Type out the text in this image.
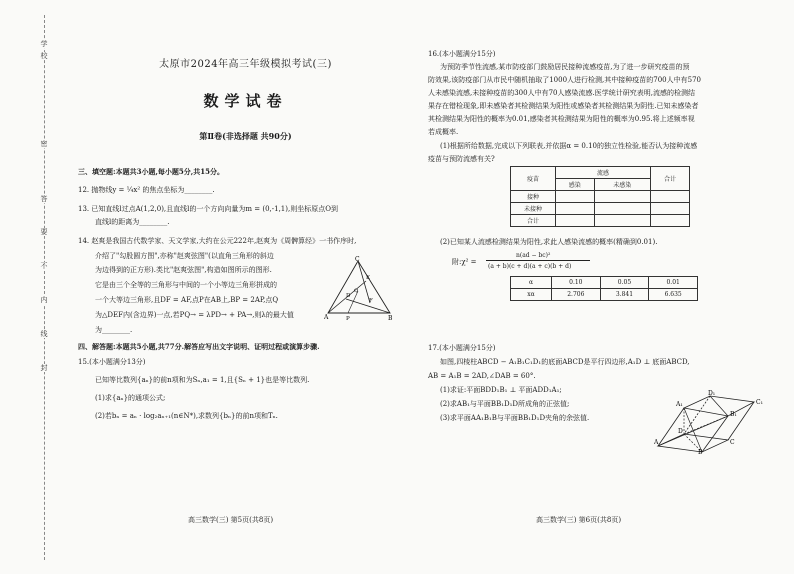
学
校
密
答
要
不
内
线
封
太原市2024年高三年级模拟考试(三)
数学试卷
第Ⅱ卷(非选择题 共90分)
三、填空题:本题共3小题,每小题5分,共15分。
12. 抛物线y = ¼x² 的焦点坐标为________.
13. 已知直线l过点A(1,2,0),且直线l的一个方向向量为m = (0,-1,1),则坐标原点O到
直线l的距离为________.
14. 赵爽是我国古代数学家、天文学家,大约在公元222年,赵爽为《周髀算经》一书作序时,
介绍了"勾股圆方图",亦称"赵爽弦图"(以直角三角形的斜边
为边得到的正方形).类比"赵爽弦图",构造如图所示的图形.
它是由三个全等的三角形与中间的一个小等边三角形拼成的
一个大等边三角形,且DF = AF,点P在AB上,BP = 2AP,点Q
为△DEF内(含边界)一点,若PQ→ = λPD→ + PA→,则λ的最大值
为________.
C
E
D
Q
F
A	P	B
四、解答题:本题共5小题,共77分.解答应写出文字说明、证明过程或演算步骤.
15.(本小题满分13分)
已知等比数列{aₙ}的前n项和为Sₙ,a₁ = 1,且{Sₙ + 1}也是等比数列.
(1)求{aₙ}的通项公式;
(2)若bₙ = aₙ · log₂aₙ₊₁(n∈N*),求数列{bₙ}的前n项和Tₙ.
高三数学(三) 第5页(共8页)
16.(本小题满分15分)
为预防季节性流感,某市防疫部门鼓励居民接种流感疫苗,为了进一步研究疫苗的预
防效果,该防疫部门从市民中随机抽取了1000人进行检测,其中接种疫苗的700人中有570
人未感染流感,未接种疫苗的300人中有70人感染流感.医学统计研究表明,流感的检测结
果存在错检现象,即未感染者其检测结果为阳性或感染者其检测结果为阴性.已知未感染者
其检测结果为阳性的概率为0.01,感染者其检测结果为阳性的概率为0.95.将上述频率视
若成概率.
(1)根据所给数据,完成以下列联表,并依据α = 0.10的独立性检验,能否认为接种流感
疫苗与预防流感有关?
疫苗	流感		合计
	感染	未感染	
接种			
未接种			
合计			
(2)已知某人流感检测结果为阳性,求此人感染流感的概率(精确到0.01).
附:χ² =
n(ad − bc)²
(a + b)(c + d)(a + c)(b + d)
α	0.10	0.05	0.01
xα	2.706	3.841	6.635
17.(本小题满分15分)
如图,四棱柱ABCD − A₁B₁C₁D₁的底面ABCD是平行四边形,A₁D ⊥ 底面ABCD,
AB = A₁B = 2AD,∠DAB = 60°.
(1)求证:平面BDD₁B₁ ⊥ 平面ADD₁A₁;
(2)求AB₁与平面BB₁D₁D所成角的正弦值;
(3)求平面AA₁B₁B与平面BB₁D₁D夹角的余弦值.
A₁
D₁
B₁
C₁
A
D
B
C
高三数学(三) 第6页(共8页)
